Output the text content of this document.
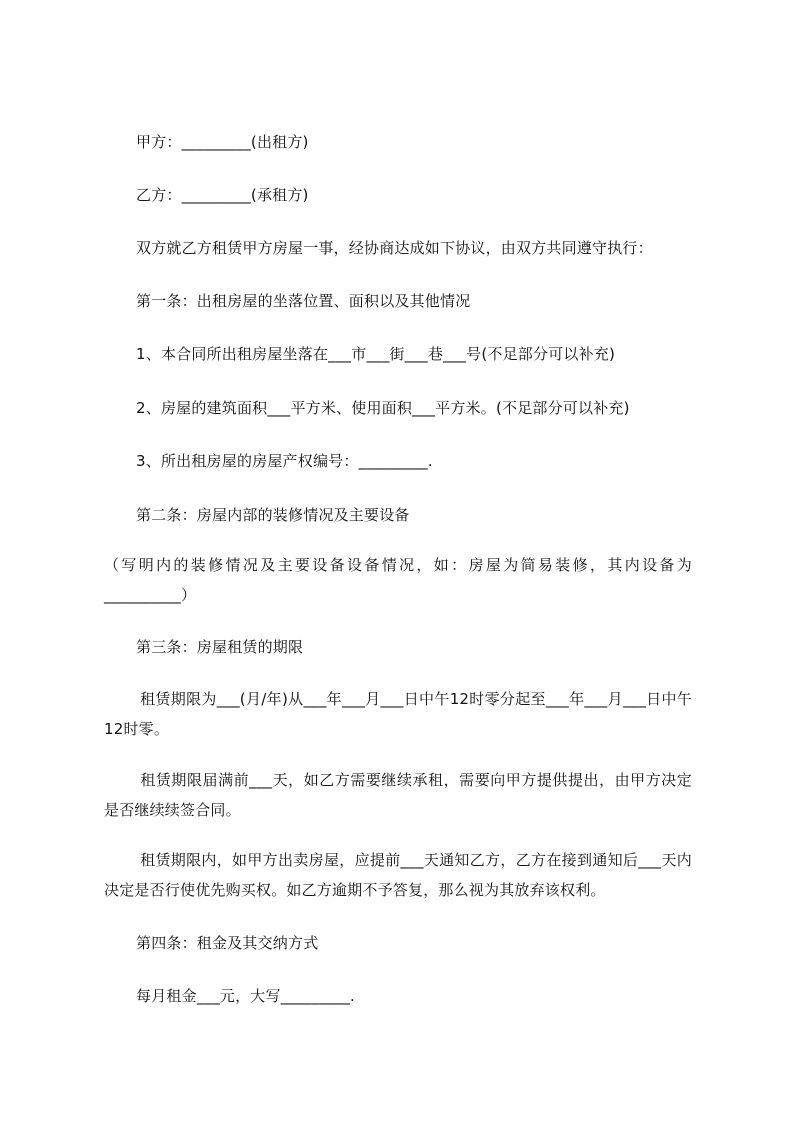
甲方：_________(出租方)
乙方：_________(承租方)
双方就乙方租赁甲方房屋一事，经协商达成如下协议，由双方共同遵守执行：
第一条：出租房屋的坐落位置、面积以及其他情况
1、本合同所出租房屋坐落在___市___街___巷___号(不足部分可以补充)
2、房屋的建筑面积___平方米、使用面积___平方米。(不足部分可以补充)
3、所出租房屋的房屋产权编号：_________.
第二条：房屋内部的装修情况及主要设备
（写明内的装修情况及主要设备设备情况，如：房屋为简易装修，其内设备为__________）
第三条：房屋租赁的期限
租赁期限为___(月/年)从___年___月___日中午12时零分起至___年___月___日中午12时零。
租赁期限届满前___天，如乙方需要继续承租，需要向甲方提供提出，由甲方决定是否继续续签合同。
租赁期限内，如甲方出卖房屋，应提前___天通知乙方，乙方在接到通知后___天内决定是否行使优先购买权。如乙方逾期不予答复，那么视为其放弃该权利。
第四条：租金及其交纳方式
每月租金___元，大写_________.
